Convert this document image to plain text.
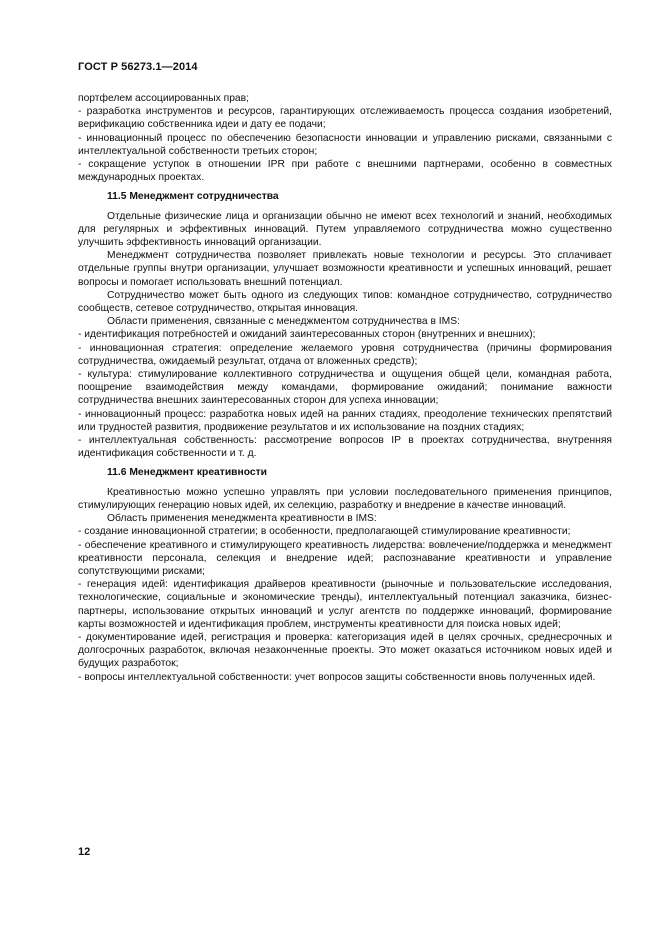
ГОСТ Р 56273.1—2014

портфелем ассоциированных прав;

- разработка инструментов и ресурсов, гарантирующих отслеживаемость процесса создания изобретений, верификацию собственника идеи и дату ее подачи;

- инновационный процесс по обеспечению безопасности инновации и управлению рисками, связанными с интеллектуальной собственности третьих сторон;

- сокращение уступок в отношении IPR при работе с внешними партнерами, особенно в совместных международных проектах.

11.5 Менеджмент сотрудничества

Отдельные физические лица и организации обычно не имеют всех технологий и знаний, необходимых для регулярных и эффективных инноваций. Путем управляемого сотрудничества можно существенно улучшить эффективность инноваций организации.

Менеджмент сотрудничества позволяет привлекать новые технологии и ресурсы. Это сплачивает отдельные группы внутри организации, улучшает возможности креативности и успешных инноваций, решает вопросы и помогает использовать внешний потенциал.

Сотрудничество может быть одного из следующих типов: командное сотрудничество, сотрудничество сообществ, сетевое сотрудничество, открытая инновация.

Области применения, связанные с менеджментом сотрудничества в IMS:

- идентификация потребностей и ожиданий заинтересованных сторон (внутренних и внешних);

- инновационная стратегия: определение желаемого уровня сотрудничества (причины формирования сотрудничества, ожидаемый результат, отдача от вложенных средств);

- культура: стимулирование коллективного сотрудничества и ощущения общей цели, командная работа, поощрение взаимодействия между командами, формирование ожиданий; понимание важности сотрудничества внешних заинтересованных сторон для успеха инновации;

- инновационный процесс: разработка новых идей на ранних стадиях, преодоление технических препятствий или трудностей развития, продвижение результатов и их использование на поздних стадиях;

- интеллектуальная собственность: рассмотрение вопросов IP в проектах сотрудничества, внутренняя идентификация собственности и т. д.

11.6 Менеджмент креативности

Креативностью можно успешно управлять при условии последовательного применения принципов, стимулирующих генерацию новых идей, их селекцию, разработку и внедрение в качестве инноваций.

Область применения менеджмента креативности в IMS:

- создание инновационной стратегии; в особенности, предполагающей стимулирование креативности;

- обеспечение креативного и стимулирующего креативность лидерства: вовлечение/поддержка и менеджмент креативности персонала, селекция и внедрение идей; распознавание креативности и управление сопутствующими рисками;

- генерация идей: идентификация драйверов креативности (рыночные и пользовательские исследования, технологические, социальные и экономические тренды), интеллектуальный потенциал заказчика, бизнес-партнеры, использование открытых инноваций и услуг агентств по поддержке инноваций, формирование карты возможностей и идентификация проблем, инструменты креативности для поиска новых идей;

- документирование идей, регистрация и проверка: категоризация идей в целях срочных, среднесрочных и долгосрочных разработок, включая незаконченные проекты. Это может оказаться источником новых идей и будущих разработок;

- вопросы интеллектуальной собственности: учет вопросов защиты собственности вновь полученных идей.

12
